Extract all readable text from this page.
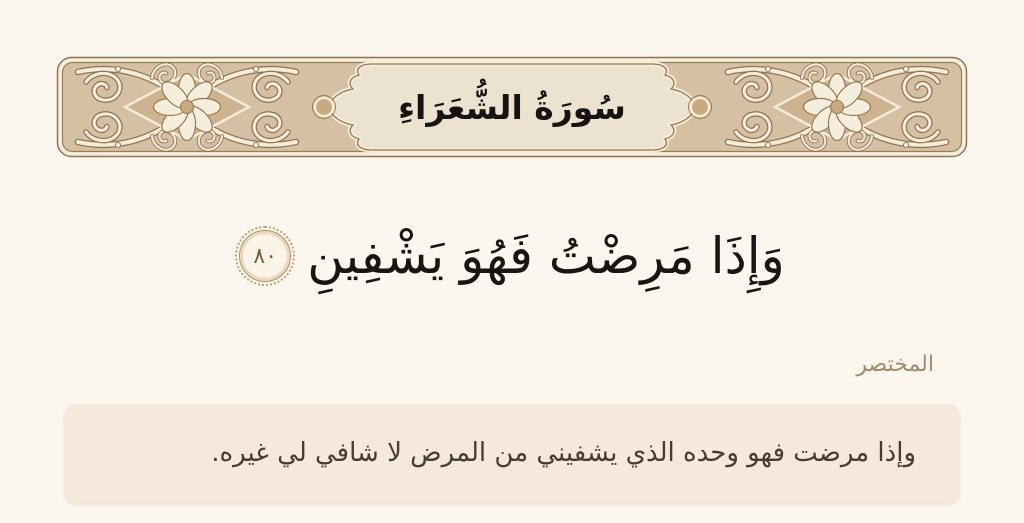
سُورَةُ الشُّعَرَاءِ
وَإِذَا مَرِضْتُ فَهُوَ يَشْفِينِ
٨٠
المختصر
وإذا مرضت فهو وحده الذي يشفيني من المرض لا شافي لي غيره.
